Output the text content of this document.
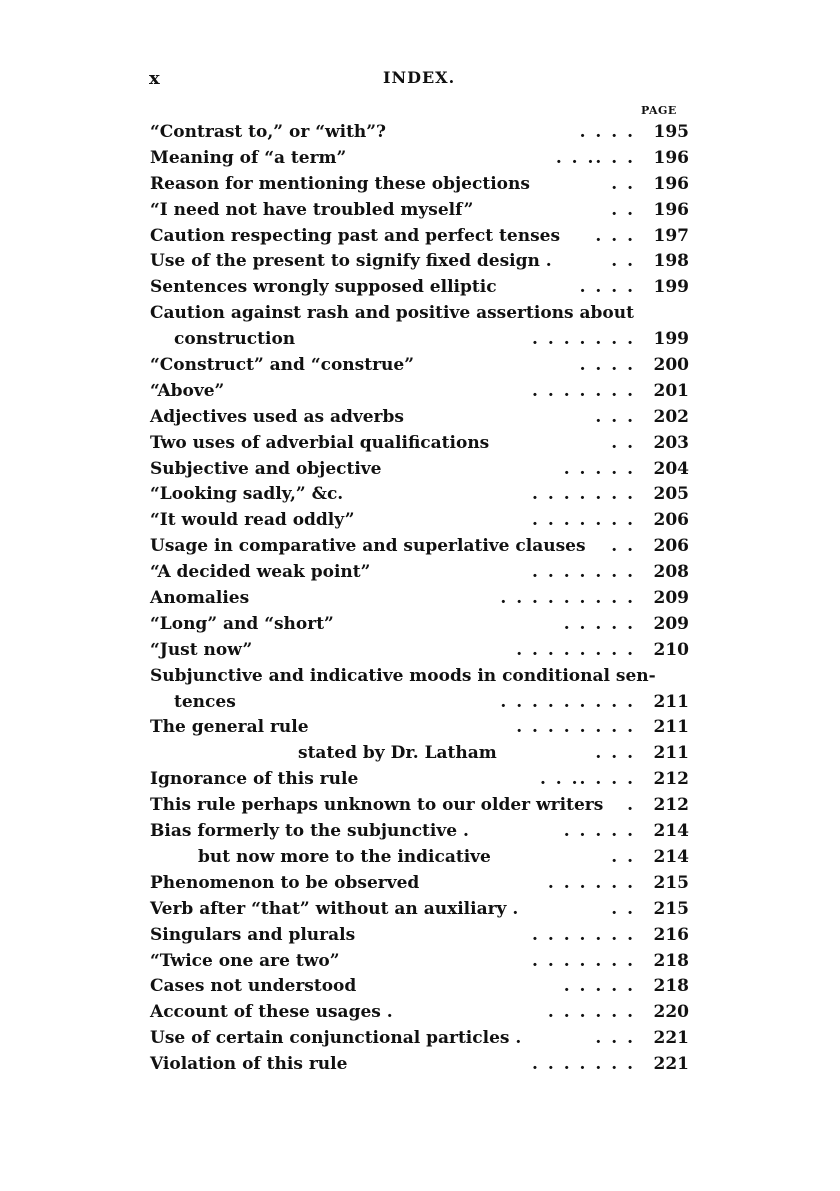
x	INDEX.
PAGE
“Contrast to,” or “with”?	. . . .	195
Meaning of “a term”	. . .. . .	196
Reason for mentioning these objections	. .	196
“I need not have troubled myself”	. .	196
Caution respecting past and perfect tenses . . .	197
Use of the present to signify fixed design .	. .	198
Sentences wrongly supposed elliptic	. . . .	199
Caution against rash and positive assertions about
construction	. . . . . . .	199
“Construct” and “construe”	. . . .	200
“Above”	. . . . . . .	201
Adjectives used as adverbs	. . .	202
Two uses of adverbial qualifications	. .	203
Subjective and objective	. . . . .	204
“Looking sadly,” &c.	. . . . . . .	205
“It would read oddly”	. . . . . . .	206
Usage in comparative and superlative clauses . .	206
“A decided weak point”	. . . . . . .	208
Anomalies	. . . . . . . . .	209
“Long” and “short”	. . . . .	209
“Just now”	. . . . . . . .	210
Subjunctive and indicative moods in conditional sen-
tences	. . . . . . . . .	211
The general rule	. . . . . . . .	211
stated by Dr. Latham	. . .	211
Ignorance of this rule	. . .. . . .	212
This rule perhaps unknown to our older writers .	212
Bias formerly to the subjunctive .	. . . . .	214
but now more to the indicative	. .	214
Phenomenon to be observed	. . . . . .	215
Verb after “that” without an auxiliary .	. .	215
Singulars and plurals	. . . . . . .	216
“Twice one are two”	. . . . . . .	218
Cases not understood	. . . . .	218
Account of these usages .	. . . . . .	220
Use of certain conjunctional particles .	. . .	221
Violation of this rule	. . . . . . .	221
